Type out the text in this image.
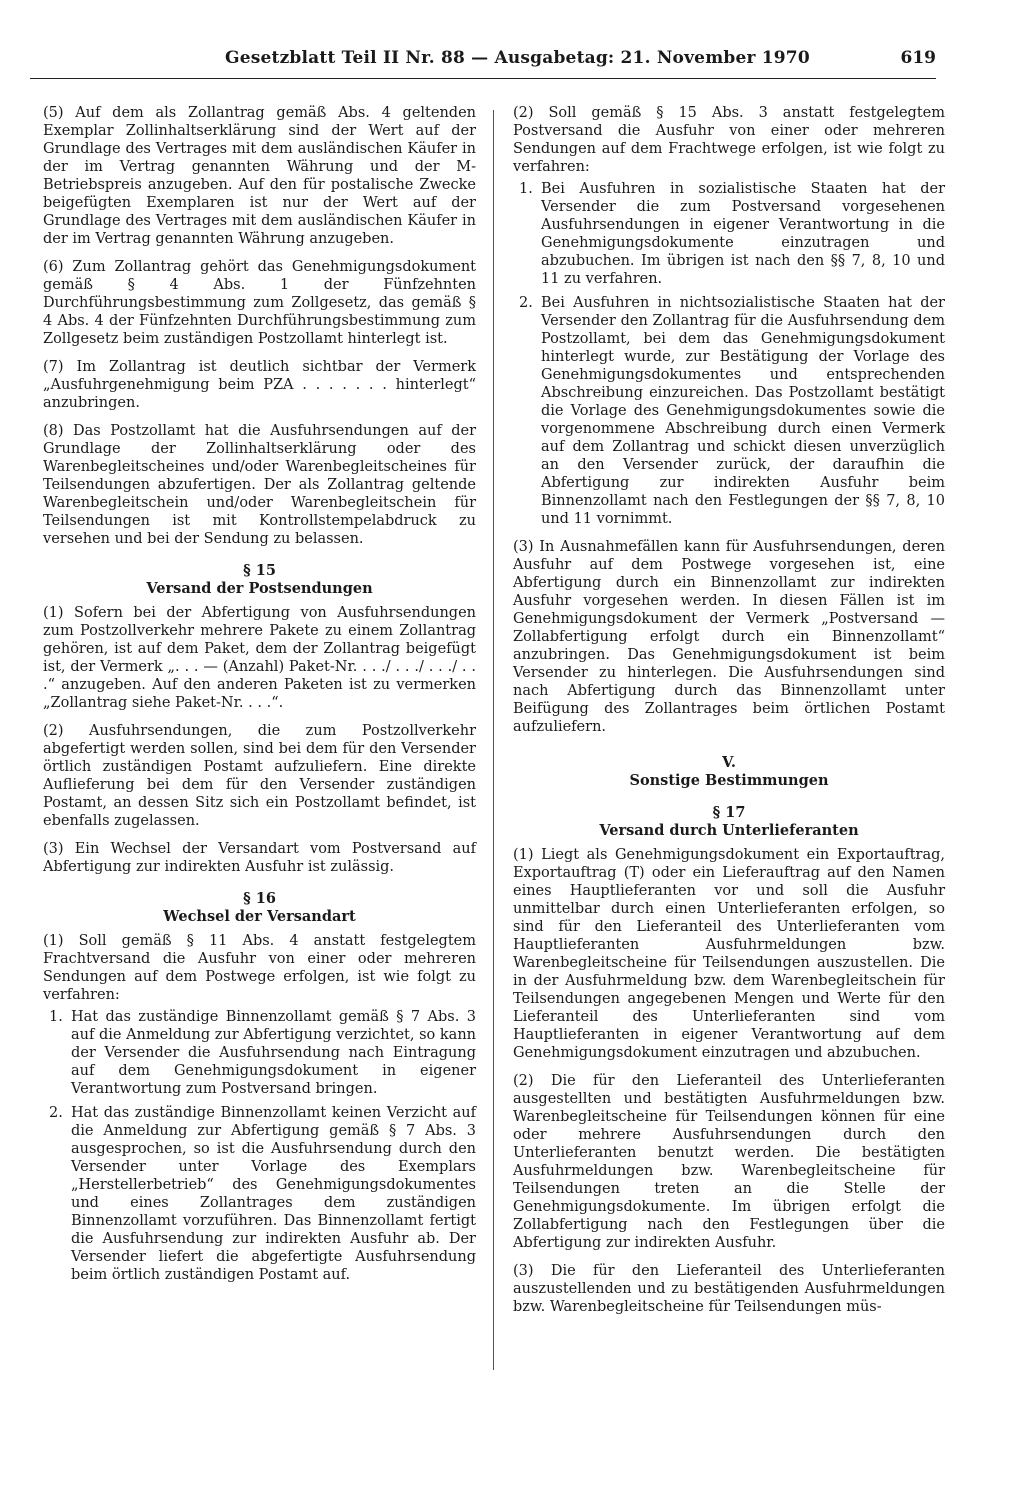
Gesetzblatt Teil II Nr. 88 — Ausgabetag: 21. November 1970	619

(5) Auf dem als Zollantrag gemäß Abs. 4 geltenden Exemplar Zollinhaltserklärung sind der Wert auf der Grundlage des Vertrages mit dem ausländischen Käufer in der im Vertrag genannten Währung und der M-Betriebspreis anzugeben. Auf den für postalische Zwecke beigefügten Exemplaren ist nur der Wert auf der Grundlage des Vertrages mit dem ausländischen Käufer in der im Vertrag genannten Währung anzugeben.

(6) Zum Zollantrag gehört das Genehmigungsdokument gemäß § 4 Abs. 1 der Fünfzehnten Durchführungsbestimmung zum Zollgesetz, das gemäß § 4 Abs. 4 der Fünfzehnten Durchführungsbestimmung zum Zollgesetz beim zuständigen Postzollamt hinterlegt ist.

(7) Im Zollantrag ist deutlich sichtbar der Vermerk „Ausfuhrgenehmigung beim PZA . . . . . . . hinterlegt“ anzubringen.

(8) Das Postzollamt hat die Ausfuhrsendungen auf der Grundlage der Zollinhaltserklärung oder des Warenbegleitscheines und/oder Warenbegleitscheines für Teilsendungen abzufertigen. Der als Zollantrag geltende Warenbegleitschein und/oder Warenbegleitschein für Teilsendungen ist mit Kontrollstempelabdruck zu versehen und bei der Sendung zu belassen.

§ 15
Versand der Postsendungen

(1) Sofern bei der Abfertigung von Ausfuhrsendungen zum Postzollverkehr mehrere Pakete zu einem Zollantrag gehören, ist auf dem Paket, dem der Zollantrag beigefügt ist, der Vermerk „. . . — (Anzahl) Paket-Nr. . . ./ . . ./ . . ./ . . .“ anzugeben. Auf den anderen Paketen ist zu vermerken „Zollantrag siehe Paket-Nr. . . .“.

(2) Ausfuhrsendungen, die zum Postzollverkehr abgefertigt werden sollen, sind bei dem für den Versender örtlich zuständigen Postamt aufzuliefern. Eine direkte Auflieferung bei dem für den Versender zuständigen Postamt, an dessen Sitz sich ein Postzollamt befindet, ist ebenfalls zugelassen.

(3) Ein Wechsel der Versandart vom Postversand auf Abfertigung zur indirekten Ausfuhr ist zulässig.

§ 16
Wechsel der Versandart

(1) Soll gemäß § 11 Abs. 4 anstatt festgelegtem Frachtversand die Ausfuhr von einer oder mehreren Sendungen auf dem Postwege erfolgen, ist wie folgt zu verfahren:

1. Hat das zuständige Binnenzollamt gemäß § 7 Abs. 3 auf die Anmeldung zur Abfertigung verzichtet, so kann der Versender die Ausfuhrsendung nach Eintragung auf dem Genehmigungsdokument in eigener Verantwortung zum Postversand bringen.
2. Hat das zuständige Binnenzollamt keinen Verzicht auf die Anmeldung zur Abfertigung gemäß § 7 Abs. 3 ausgesprochen, so ist die Ausfuhrsendung durch den Versender unter Vorlage des Exemplars „Herstellerbetrieb“ des Genehmigungsdokumentes und eines Zollantrages dem zuständigen Binnenzollamt vorzuführen. Das Binnenzollamt fertigt die Ausfuhrsendung zur indirekten Ausfuhr ab. Der Versender liefert die abgefertigte Ausfuhrsendung beim örtlich zuständigen Postamt auf.

(2) Soll gemäß § 15 Abs. 3 anstatt festgelegtem Postversand die Ausfuhr von einer oder mehreren Sendungen auf dem Frachtwege erfolgen, ist wie folgt zu verfahren:

1. Bei Ausfuhren in sozialistische Staaten hat der Versender die zum Postversand vorgesehenen Ausfuhrsendungen in eigener Verantwortung in die Genehmigungsdokumente einzutragen und abzubuchen. Im übrigen ist nach den §§ 7, 8, 10 und 11 zu verfahren.
2. Bei Ausfuhren in nichtsozialistische Staaten hat der Versender den Zollantrag für die Ausfuhrsendung dem Postzollamt, bei dem das Genehmigungsdokument hinterlegt wurde, zur Bestätigung der Vorlage des Genehmigungsdokumentes und entsprechenden Abschreibung einzureichen. Das Postzollamt bestätigt die Vorlage des Genehmigungsdokumentes sowie die vorgenommene Abschreibung durch einen Vermerk auf dem Zollantrag und schickt diesen unverzüglich an den Versender zurück, der daraufhin die Abfertigung zur indirekten Ausfuhr beim Binnenzollamt nach den Festlegungen der §§ 7, 8, 10 und 11 vornimmt.

(3) In Ausnahmefällen kann für Ausfuhrsendungen, deren Ausfuhr auf dem Postwege vorgesehen ist, eine Abfertigung durch ein Binnenzollamt zur indirekten Ausfuhr vorgesehen werden. In diesen Fällen ist im Genehmigungsdokument der Vermerk „Postversand — Zollabfertigung erfolgt durch ein Binnenzollamt“ anzubringen. Das Genehmigungsdokument ist beim Versender zu hinterlegen. Die Ausfuhrsendungen sind nach Abfertigung durch das Binnenzollamt unter Beifügung des Zollantrages beim örtlichen Postamt aufzuliefern.

V.
Sonstige Bestimmungen
§ 17
Versand durch Unterlieferanten

(1) Liegt als Genehmigungsdokument ein Exportauftrag, Exportauftrag (T) oder ein Lieferauftrag auf den Namen eines Hauptlieferanten vor und soll die Ausfuhr unmittelbar durch einen Unterlieferanten erfolgen, so sind für den Lieferanteil des Unterlieferanten vom Hauptlieferanten Ausfuhrmeldungen bzw. Warenbegleitscheine für Teilsendungen auszustellen. Die in der Ausfuhrmeldung bzw. dem Warenbegleitschein für Teilsendungen angegebenen Mengen und Werte für den Lieferanteil des Unterlieferanten sind vom Hauptlieferanten in eigener Verantwortung auf dem Genehmigungsdokument einzutragen und abzubuchen.

(2) Die für den Lieferanteil des Unterlieferanten ausgestellten und bestätigten Ausfuhrmeldungen bzw. Warenbegleitscheine für Teilsendungen können für eine oder mehrere Ausfuhrsendungen durch den Unterlieferanten benutzt werden. Die bestätigten Ausfuhrmeldungen bzw. Warenbegleitscheine für Teilsendungen treten an die Stelle der Genehmigungsdokumente. Im übrigen erfolgt die Zollabfertigung nach den Festlegungen über die Abfertigung zur indirekten Ausfuhr.

(3) Die für den Lieferanteil des Unterlieferanten auszustellenden und zu bestätigenden Ausfuhrmeldungen bzw. Warenbegleitscheine für Teilsendungen müs-
